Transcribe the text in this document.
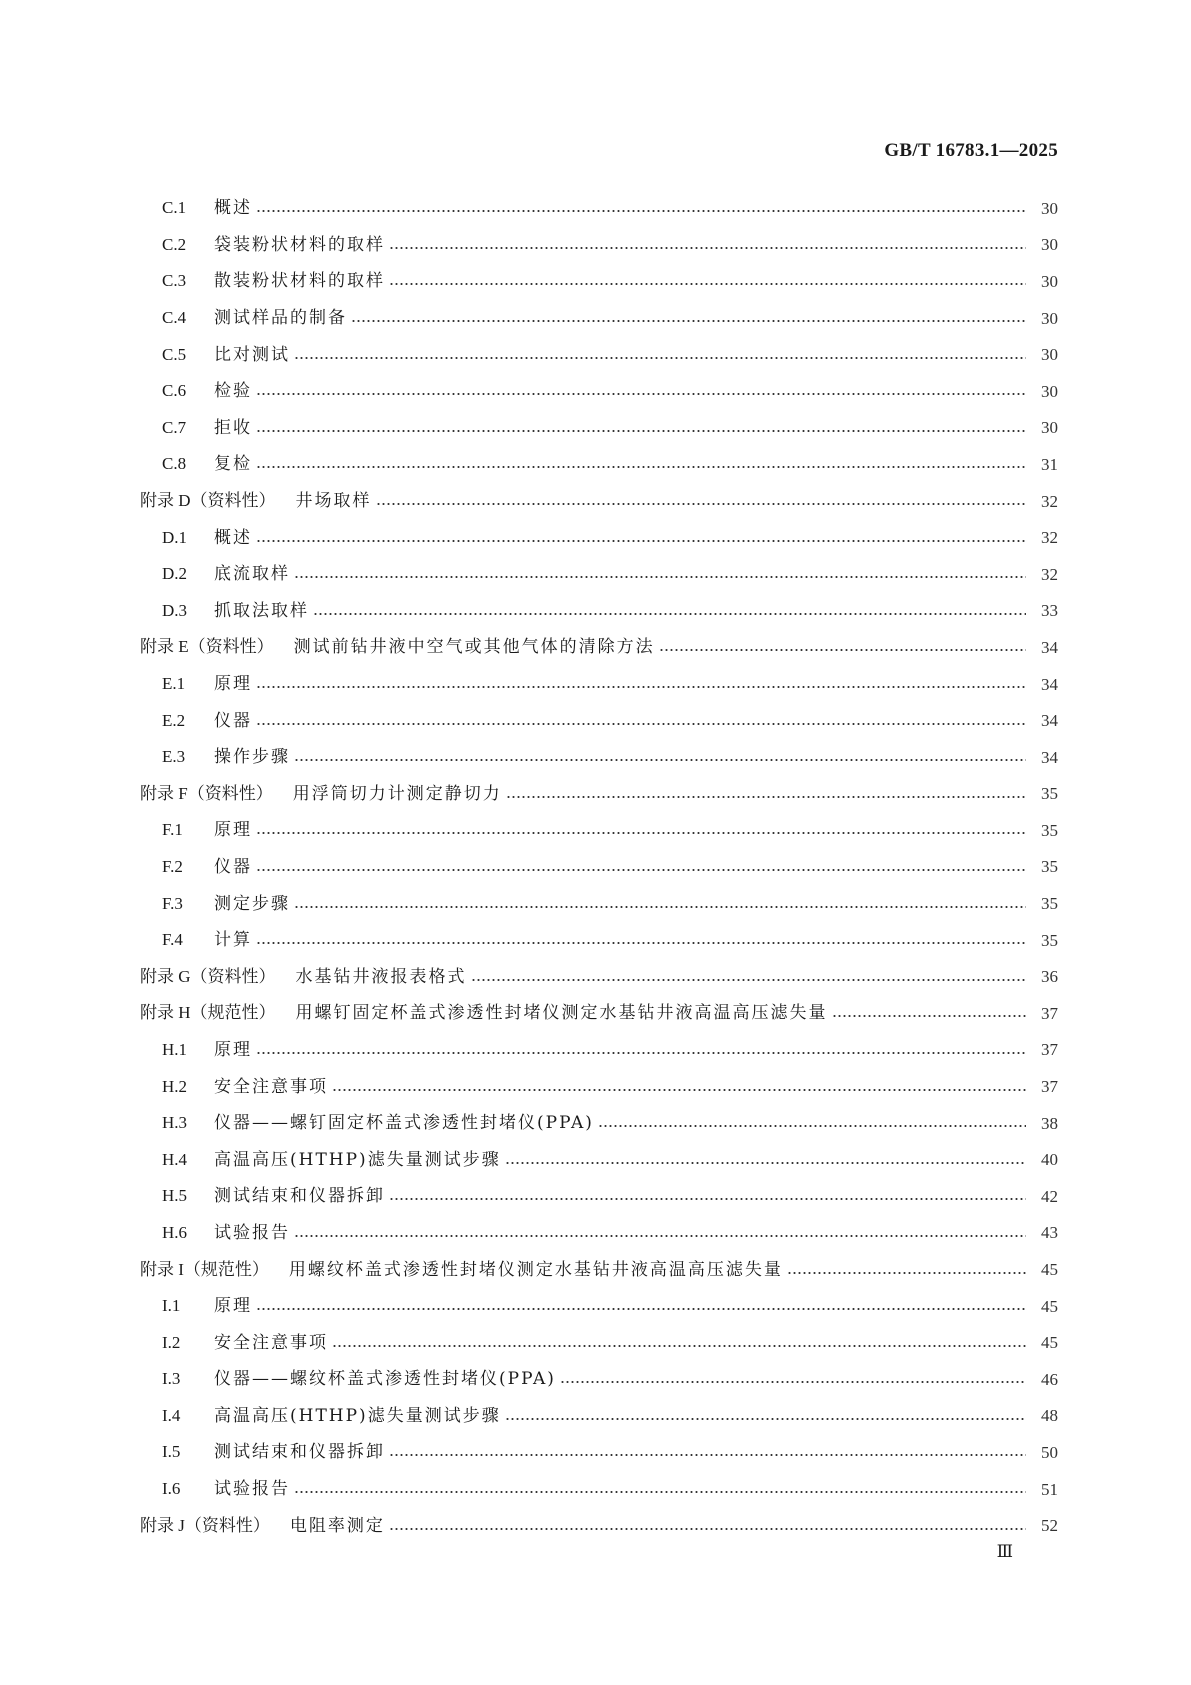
GB/T 16783.1—2025
C.1 概述	30
C.2 袋装粉状材料的取样	30
C.3 散装粉状材料的取样	30
C.4 测试样品的制备	30
C.5 比对测试	30
C.6 检验	30
C.7 拒收	30
C.8 复检	31
附录 D（资料性） 井场取样	32
D.1 概述	32
D.2 底流取样	32
D.3 抓取法取样	33
附录 E（资料性） 测试前钻井液中空气或其他气体的清除方法	34
E.1 原理	34
E.2 仪器	34
E.3 操作步骤	34
附录 F（资料性） 用浮筒切力计测定静切力	35
F.1 原理	35
F.2 仪器	35
F.3 测定步骤	35
F.4 计算	35
附录 G（资料性） 水基钻井液报表格式	36
附录 H（规范性） 用螺钉固定杯盖式渗透性封堵仪测定水基钻井液高温高压滤失量	37
H.1 原理	37
H.2 安全注意事项	37
H.3 仪器——螺钉固定杯盖式渗透性封堵仪(PPA)	38
H.4 高温高压(HTHP)滤失量测试步骤	40
H.5 测试结束和仪器拆卸	42
H.6 试验报告	43
附录 I（规范性） 用螺纹杯盖式渗透性封堵仪测定水基钻井液高温高压滤失量	45
I.1 原理	45
I.2 安全注意事项	45
I.3 仪器——螺纹杯盖式渗透性封堵仪(PPA)	46
I.4 高温高压(HTHP)滤失量测试步骤	48
I.5 测试结束和仪器拆卸	50
I.6 试验报告	51
附录 J（资料性） 电阻率测定	52
Ⅲ
